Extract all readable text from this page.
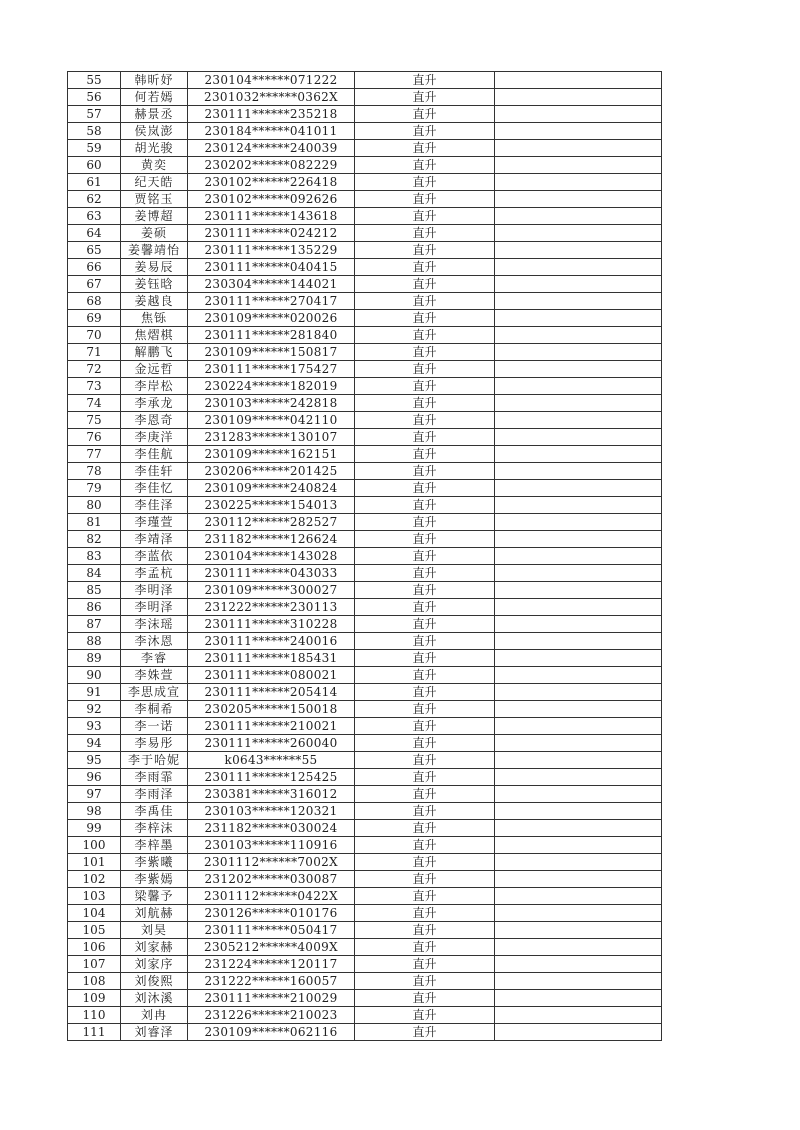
55	韩昕妤	230104******071222	直升	
56	何若嫣	2301032******0362X	直升	
57	赫景丞	230111******235218	直升	
58	侯岚澎	230184******041011	直升	
59	胡光骏	230124******240039	直升	
60	黄奕	230202******082229	直升	
61	纪天皓	230102******226418	直升	
62	贾铭玉	230102******092626	直升	
63	姜博超	230111******143618	直升	
64	姜硕	230111******024212	直升	
65	姜馨靖怡	230111******135229	直升	
66	姜易辰	230111******040415	直升	
67	姜钰晗	230304******144021	直升	
68	姜越良	230111******270417	直升	
69	焦铄	230109******020026	直升	
70	焦熠棋	230111******281840	直升	
71	解鹏飞	230109******150817	直升	
72	金远哲	230111******175427	直升	
73	李岸松	230224******182019	直升	
74	李承龙	230103******242818	直升	
75	李恩奇	230109******042110	直升	
76	李庚洋	231283******130107	直升	
77	李佳航	230109******162151	直升	
78	李佳轩	230206******201425	直升	
79	李佳忆	230109******240824	直升	
80	李佳泽	230225******154013	直升	
81	李瑾萱	230112******282527	直升	
82	李靖泽	231182******126624	直升	
83	李蓝依	230104******143028	直升	
84	李孟杭	230111******043033	直升	
85	李明泽	230109******300027	直升	
86	李明泽	231222******230113	直升	
87	李沫瑶	230111******310228	直升	
88	李沐恩	230111******240016	直升	
89	李睿	230111******185431	直升	
90	李姝萱	230111******080021	直升	
91	李思成宣	230111******205414	直升	
92	李桐希	230205******150018	直升	
93	李一诺	230111******210021	直升	
94	李易彤	230111******260040	直升	
95	李于哈妮	k0643******55	直升	
96	李雨霏	230111******125425	直升	
97	李雨泽	230381******316012	直升	
98	李禹佳	230103******120321	直升	
99	李梓沫	231182******030024	直升	
100	李梓墨	230103******110916	直升	
101	李紫曦	2301112******7002X	直升	
102	李紫嫣	231202******030087	直升	
103	梁馨予	2301112******0422X	直升	
104	刘航赫	230126******010176	直升	
105	刘昊	230111******050417	直升	
106	刘家赫	2305212******4009X	直升	
107	刘家序	231224******120117	直升	
108	刘俊熙	231222******160057	直升	
109	刘沐溪	230111******210029	直升	
110	刘冉	231226******210023	直升	
111	刘睿泽	230109******062116	直升	
